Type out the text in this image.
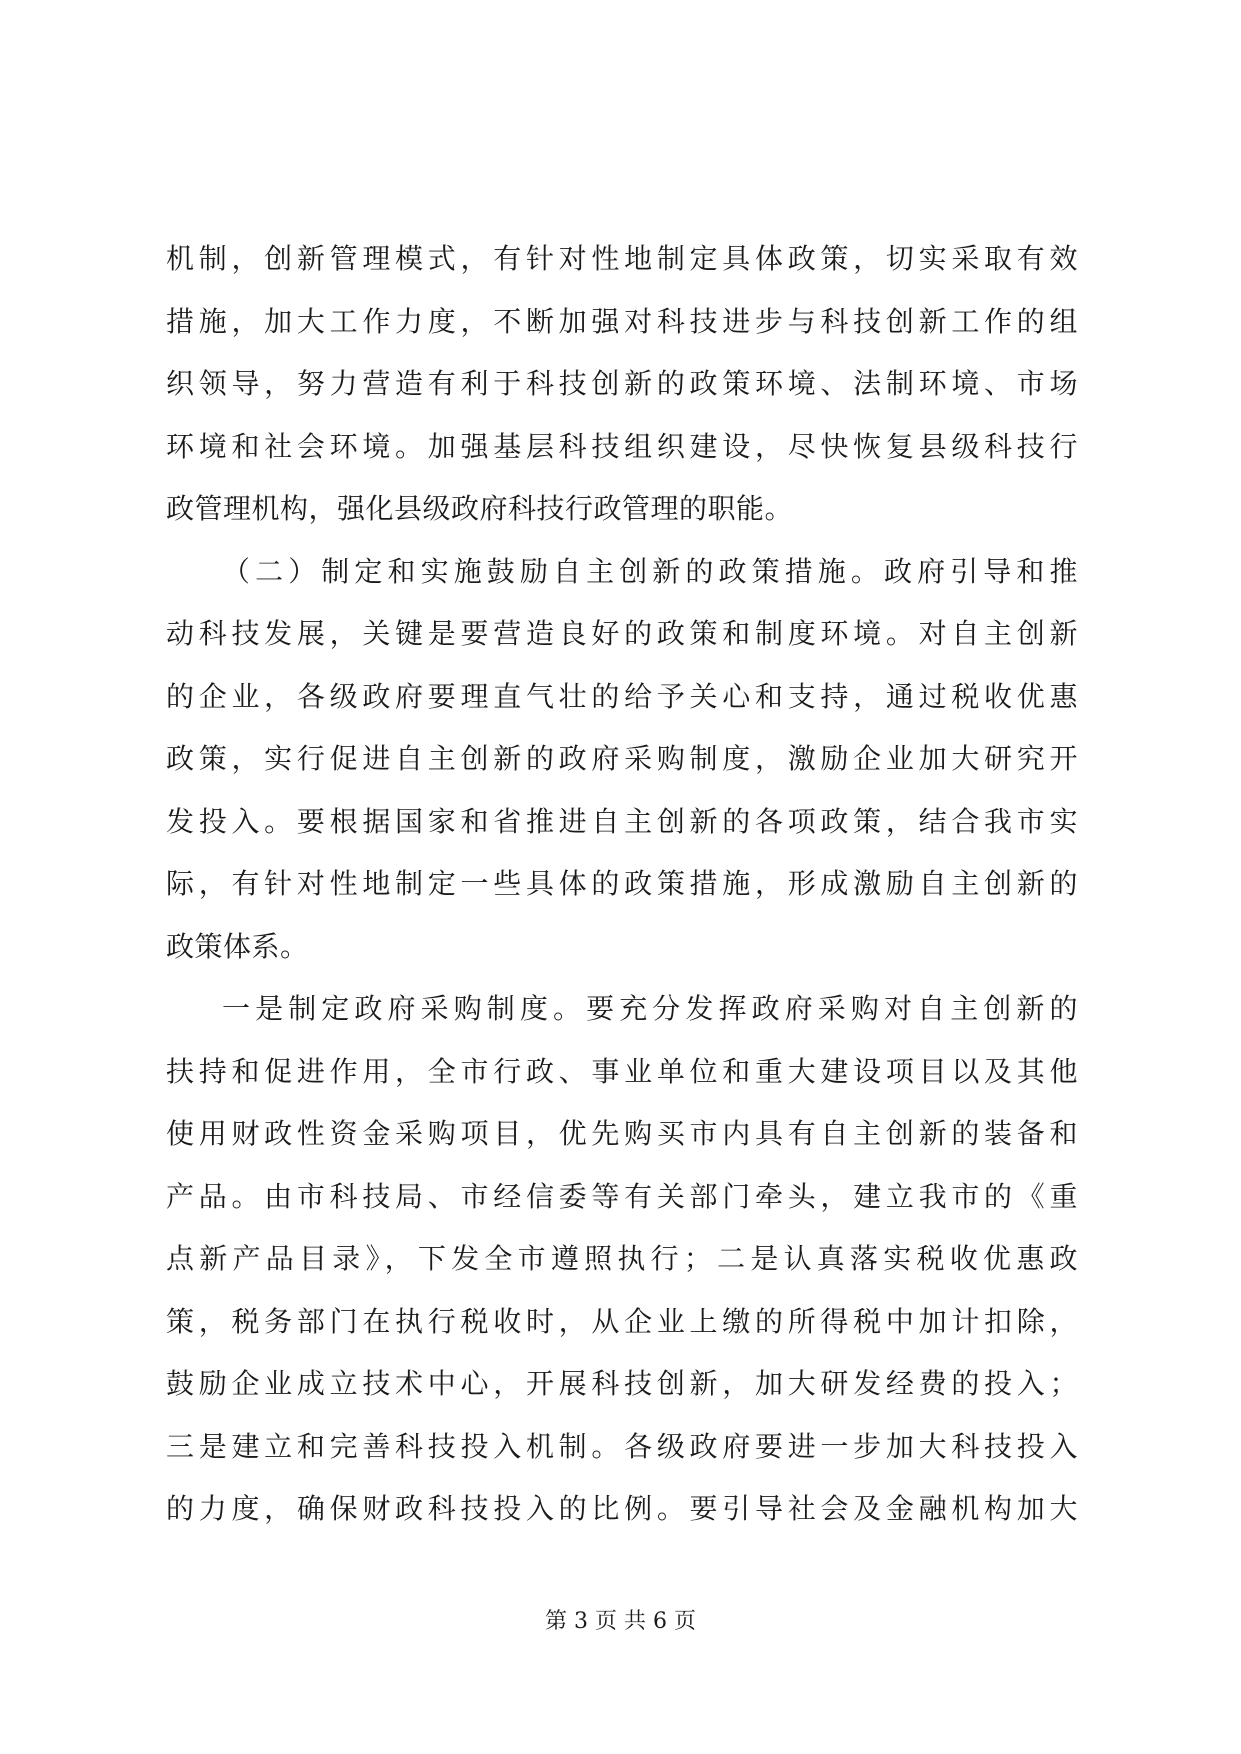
机制，创新管理模式，有针对性地制定具体政策，切实采取有效
措施，加大工作力度，不断加强对科技进步与科技创新工作的组
织领导，努力营造有利于科技创新的政策环境、法制环境、市场
环境和社会环境。加强基层科技组织建设，尽快恢复县级科技行
政管理机构，强化县级政府科技行政管理的职能。
（二）制定和实施鼓励自主创新的政策措施。政府引导和推
动科技发展，关键是要营造良好的政策和制度环境。对自主创新
的企业，各级政府要理直气壮的给予关心和支持，通过税收优惠
政策，实行促进自主创新的政府采购制度，激励企业加大研究开
发投入。要根据国家和省推进自主创新的各项政策，结合我市实
际，有针对性地制定一些具体的政策措施，形成激励自主创新的
政策体系。
一是制定政府采购制度。要充分发挥政府采购对自主创新的
扶持和促进作用，全市行政、事业单位和重大建设项目以及其他
使用财政性资金采购项目，优先购买市内具有自主创新的装备和
产品。由市科技局、市经信委等有关部门牵头，建立我市的《重
点新产品目录》，下发全市遵照执行；二是认真落实税收优惠政
策，税务部门在执行税收时，从企业上缴的所得税中加计扣除，
鼓励企业成立技术中心，开展科技创新，加大研发经费的投入；
三是建立和完善科技投入机制。各级政府要进一步加大科技投入
的力度，确保财政科技投入的比例。要引导社会及金融机构加大
第 3 页 共 6 页
